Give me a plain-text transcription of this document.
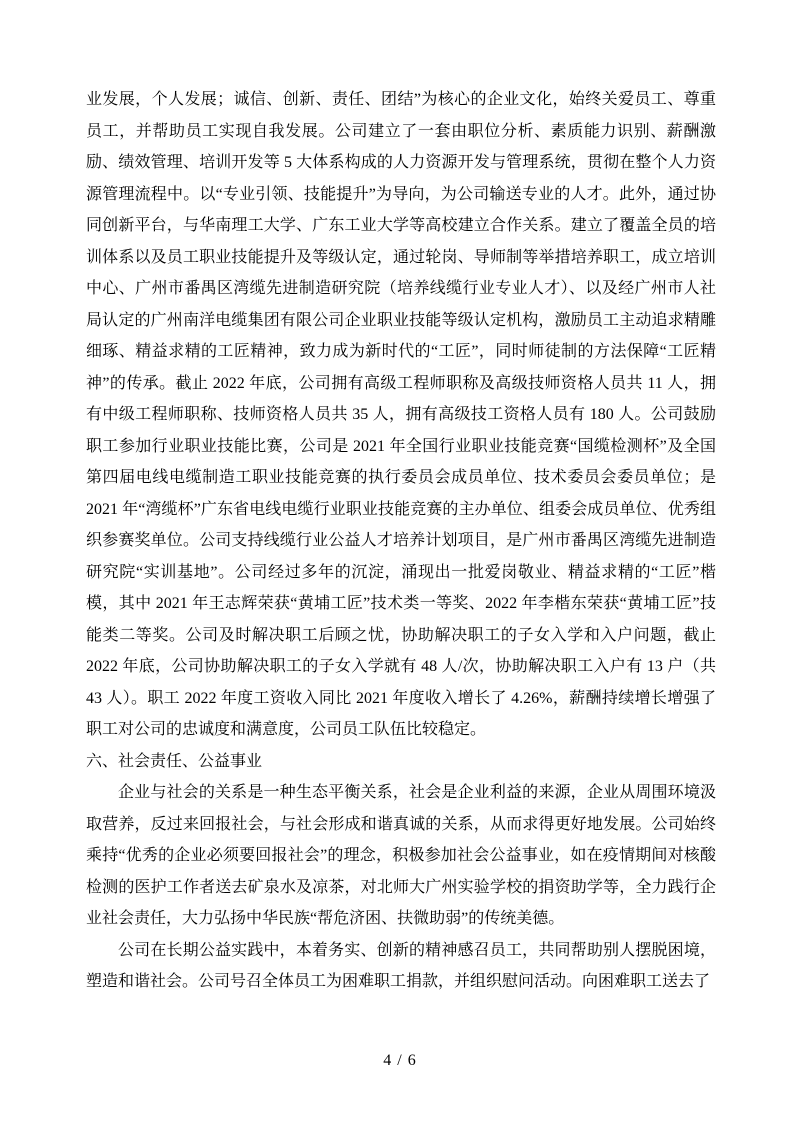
业发展，个人发展；诚信、创新、责任、团结”为核心的企业文化，始终关爱员工、尊重员工，并帮助员工实现自我发展。公司建立了一套由职位分析、素质能力识别、薪酬激励、绩效管理、培训开发等 5 大体系构成的人力资源开发与管理系统，贯彻在整个人力资源管理流程中。以“专业引领、技能提升”为导向，为公司输送专业的人才。此外，通过协同创新平台，与华南理工大学、广东工业大学等高校建立合作关系。建立了覆盖全员的培训体系以及员工职业技能提升及等级认定，通过轮岗、导师制等举措培养职工，成立培训中心、广州市番禺区湾缆先进制造研究院（培养线缆行业专业人才）、以及经广州市人社局认定的广州南洋电缆集团有限公司企业职业技能等级认定机构，激励员工主动追求精雕细琢、精益求精的工匠精神，致力成为新时代的“工匠”，同时师徒制的方法保障“工匠精神”的传承。截止 2022 年底，公司拥有高级工程师职称及高级技师资格人员共 11 人，拥有中级工程师职称、技师资格人员共 35 人，拥有高级技工资格人员有 180 人。公司鼓励职工参加行业职业技能比赛，公司是 2021 年全国行业职业技能竞赛“国缆检测杯”及全国第四届电线电缆制造工职业技能竞赛的执行委员会成员单位、技术委员会委员单位；是 2021 年“湾缆杯”广东省电线电缆行业职业技能竞赛的主办单位、组委会成员单位、优秀组织参赛奖单位。公司支持线缆行业公益人才培养计划项目，是广州市番禺区湾缆先进制造研究院“实训基地”。公司经过多年的沉淀，涌现出一批爱岗敬业、精益求精的“工匠”楷模，其中 2021 年王志辉荣获“黄埔工匠”技术类一等奖、2022 年李楷东荣获“黄埔工匠”技能类二等奖。公司及时解决职工后顾之忧，协助解决职工的子女入学和入户问题，截止 2022 年底，公司协助解决职工的子女入学就有 48 人/次，协助解决职工入户有 13 户（共 43 人）。职工 2022 年度工资收入同比 2021 年度收入增长了 4.26%，薪酬持续增长增强了职工对公司的忠诚度和满意度，公司员工队伍比较稳定。

六、社会责任、公益事业

企业与社会的关系是一种生态平衡关系，社会是企业利益的来源，企业从周围环境汲取营养，反过来回报社会，与社会形成和谐真诚的关系，从而求得更好地发展。公司始终乘持“优秀的企业必须要回报社会”的理念，积极参加社会公益事业，如在疫情期间对核酸检测的医护工作者送去矿泉水及凉茶，对北师大广州实验学校的捐资助学等，全力践行企业社会责任，大力弘扬中华民族“帮危济困、扶微助弱”的传统美德。

公司在长期公益实践中，本着务实、创新的精神感召员工，共同帮助别人摆脱困境，塑造和谐社会。公司号召全体员工为困难职工捐款，并组织慰问活动。向困难职工送去了

4 / 6
